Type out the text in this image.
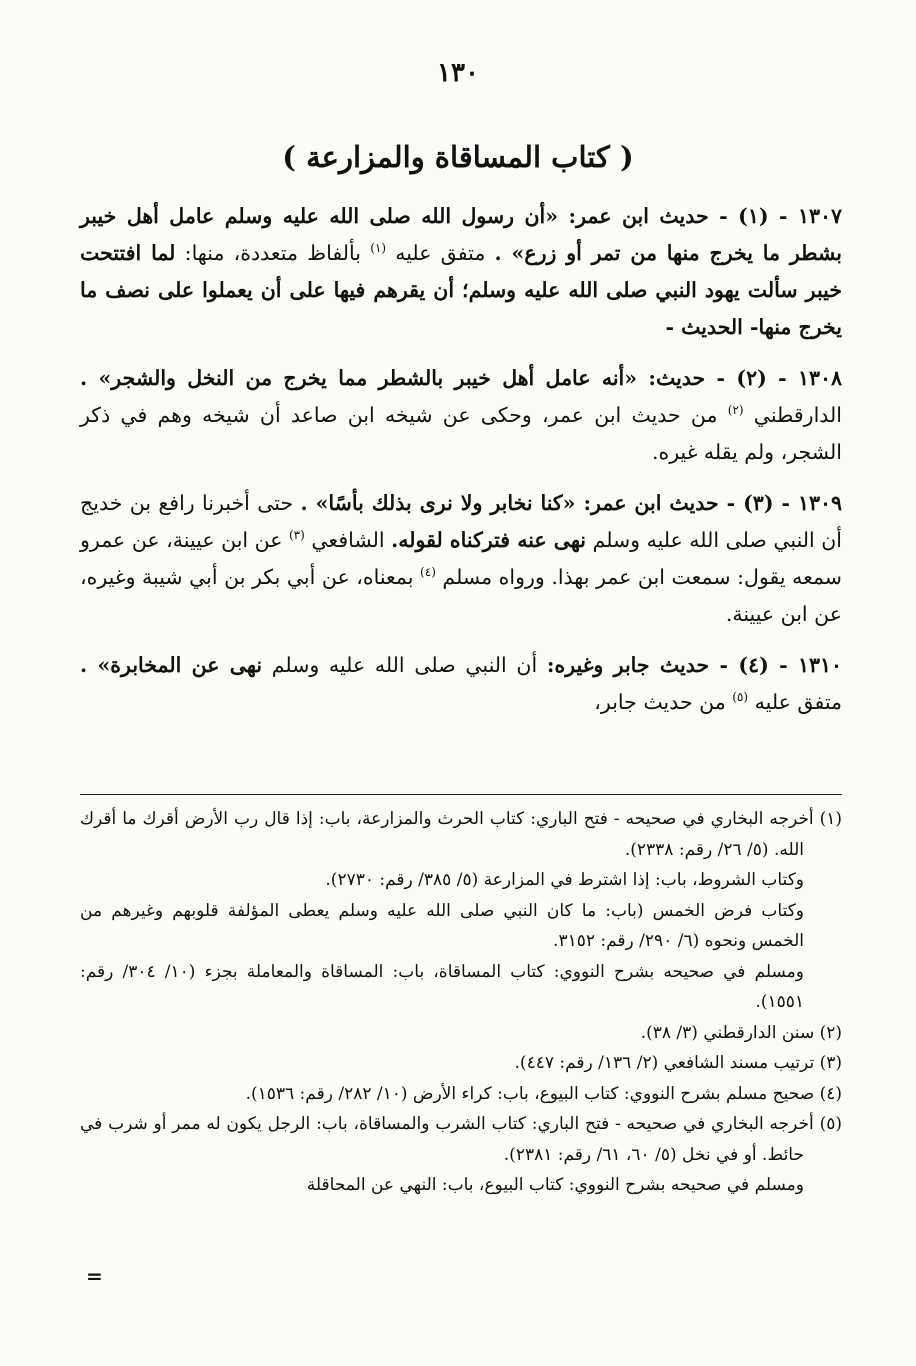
١٣٠
( كتاب المساقاة والمزارعة )

١٣٠٧ - (١) - حديث ابن عمر: «أن رسول الله صلى الله عليه وسلم عامل أهل خيبر بشطر ما يخرج منها من تمر أو زرع» . متفق عليه $^{(١)}$ بألفاظ متعددة، منها: لما افتتحت خيبر سألت يهود النبي صلى الله عليه وسلم؛ أن يقرهم فيها على أن يعملوا على نصف ما يخرج منها- الحديث -

١٣٠٨ - (٢) - حديث: «أنه عامل أهل خيبر بالشطر مما يخرج من النخل والشجر» . الدارقطني $^{(٢)}$ من حديث ابن عمر، وحكى عن شيخه ابن صاعد أن شيخه وهم في ذكر الشجر، ولم يقله غيره.

١٣٠٩ - (٣) - حديث ابن عمر: «كنا نخابر ولا نرى بذلك بأسًا» . حتى أخبرنا رافع بن خديج أن النبي صلى الله عليه وسلم نهى عنه فتركناه لقوله. الشافعي $^{(٣)}$ عن ابن عيينة، عن عمرو سمعه يقول: سمعت ابن عمر بهذا. ورواه مسلم $^{(٤)}$ بمعناه، عن أبي بكر بن أبي شيبة وغيره، عن ابن عيينة.

١٣١٠ - (٤) - حديث جابر وغيره: أن النبي صلى الله عليه وسلم نهى عن المخابرة» . متفق عليه $^{(٥)}$ من حديث جابر،

(١) أخرجه البخاري في صحيحه - فتح الباري: كتاب الحرث والمزارعة، باب: إذا قال رب الأرض أقرك ما أقرك الله. (٥/ ٢٦/ رقم: ٢٣٣٨).

وكتاب الشروط، باب: إذا اشترط في المزارعة (٥/ ٣٨٥/ رقم: ٢٧٣٠).

وكتاب فرض الخمس (باب: ما كان النبي صلى الله عليه وسلم يعطى المؤلفة قلوبهم وغيرهم من الخمس ونحوه (٦/ ٢٩٠/ رقم: ٣١٥٢.

ومسلم في صحيحه بشرح النووي: كتاب المساقاة، باب: المساقاة والمعاملة بجزء (١٠/ ٣٠٤/ رقم: ١٥٥١).

(٢) سنن الدارقطني (٣/ ٣٨).

(٣) ترتيب مسند الشافعي (٢/ ١٣٦/ رقم: ٤٤٧).

(٤) صحيح مسلم بشرح النووي: كتاب البيوع، باب: كراء الأرض (١٠/ ٢٨٢/ رقم: ١٥٣٦).

(٥) أخرجه البخاري في صحيحه - فتح الباري: كتاب الشرب والمساقاة، باب: الرجل يكون له ممر أو شرب في حائط. أو في نخل (٥/ ٦٠، ٦١/ رقم: ٢٣٨١).

ومسلم في صحيحه بشرح النووي: كتاب البيوع، باب: النهي عن المحاقلة

=
